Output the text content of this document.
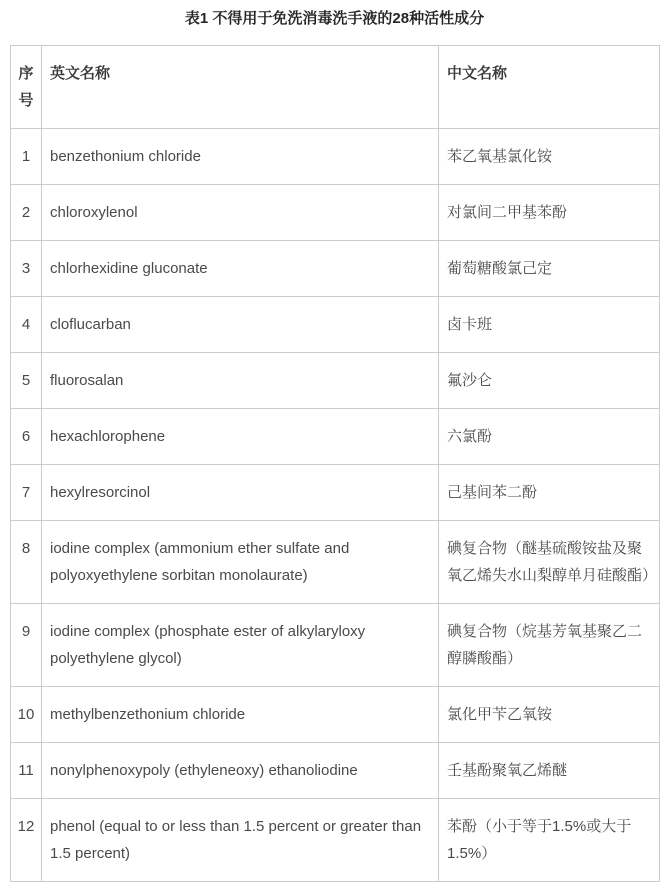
表1 不得用于免洗消毒洗手液的28种活性成分
序号	英文名称	中文名称
1	benzethonium chloride	苯乙氧基氯化铵
2	chloroxylenol	对氯间二甲基苯酚
3	chlorhexidine gluconate	葡萄糖酸氯己定
4	cloflucarban	卤卡班
5	fluorosalan	氟沙仑
6	hexachlorophene	六氯酚
7	hexylresorcinol	己基间苯二酚
8	iodine complex (ammonium ether sulfate and polyoxyethylene sorbitan monolaurate)	碘复合物（醚基硫酸铵盐及聚氧乙烯失水山梨醇单月硅酸酯）
9	iodine complex (phosphate ester of alkylaryloxy polyethylene glycol)	碘复合物（烷基芳氧基聚乙二醇膦酸酯）
10	methylbenzethonium chloride	氯化甲苄乙氧铵
11	nonylphenoxypoly (ethyleneoxy) ethanoliodine	壬基酚聚氧乙烯醚
12	phenol (equal to or less than 1.5 percent or greater than 1.5 percent)	苯酚（小于等于1.5%或大于1.5%）
